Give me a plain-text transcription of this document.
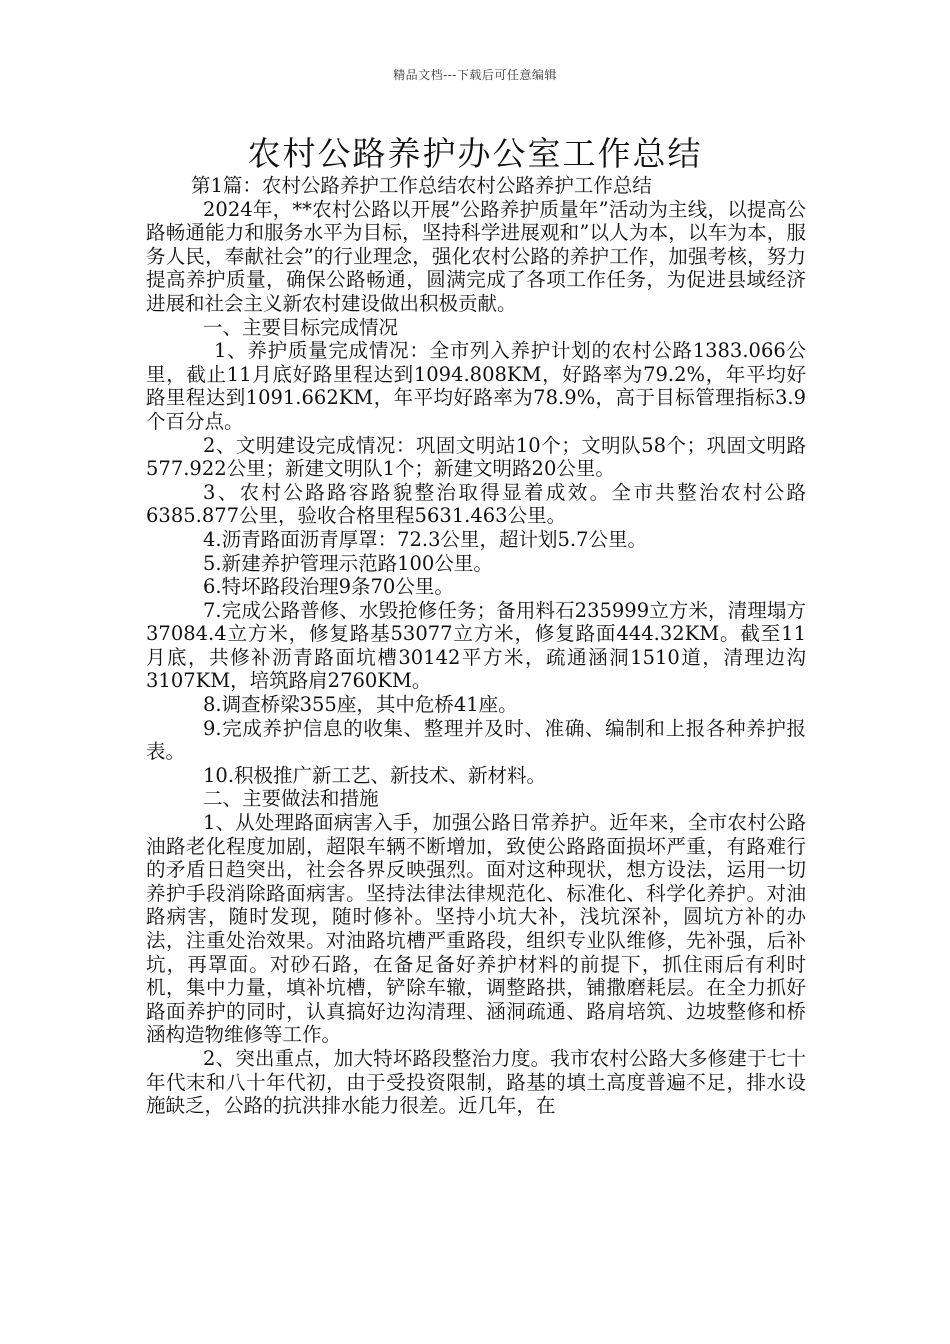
精品文档---下载后可任意编辑
农村公路养护办公室工作总结

第1篇：农村公路养护工作总结农村公路养护工作总结

2024年，**农村公路以开展”公路养护质量年”活动为主线，以提高公路畅通能力和服务水平为目标，坚持科学进展观和”以人为本，以车为本，服务人民，奉献社会”的行业理念，强化农村公路的养护工作，加强考核，努力提高养护质量，确保公路畅通，圆满完成了各项工作任务，为促进县域经济进展和社会主义新农村建设做出积极贡献。

一、主要目标完成情况

1、养护质量完成情况：全市列入养护计划的农村公路1383.066公里，截止11月底好路里程达到1094.808KM，好路率为79.2%，年平均好路里程达到1091.662KM，年平均好路率为78.9%，高于目标管理指标3.9个百分点。

2、文明建设完成情况：巩固文明站10个；文明队58个；巩固文明路577.922公里；新建文明队1个；新建文明路20公里。

3、农村公路路容路貌整治取得显着成效。全市共整治农村公路6385.877公里，验收合格里程5631.463公里。

4.沥青路面沥青厚罩：72.3公里，超计划5.7公里。

5.新建养护管理示范路100公里。

6.特坏路段治理9条70公里。

7.完成公路普修、水毁抢修任务；备用料石235999立方米，清理塌方37084.4立方米，修复路基53077立方米，修复路面444.32KM。截至11月底，共修补沥青路面坑槽30142平方米，疏通涵洞1510道，清理边沟3107KM，培筑路肩2760KM。

8.调查桥梁355座，其中危桥41座。

9.完成养护信息的收集、整理并及时、准确、编制和上报各种养护报表。

10.积极推广新工艺、新技术、新材料。

二、主要做法和措施

1、从处理路面病害入手，加强公路日常养护。近年来，全市农村公路油路老化程度加剧，超限车辆不断增加，致使公路路面损坏严重，有路难行的矛盾日趋突出，社会各界反映强烈。面对这种现状，想方设法，运用一切养护手段消除路面病害。坚持法律法律规范化、标准化、科学化养护。对油路病害，随时发现，随时修补。坚持小坑大补，浅坑深补，圆坑方补的办法，注重处治效果。对油路坑槽严重路段，组织专业队维修，先补强，后补坑，再罩面。对砂石路，在备足备好养护材料的前提下，抓住雨后有利时机，集中力量，填补坑槽，铲除车辙，调整路拱，铺撒磨耗层。在全力抓好路面养护的同时，认真搞好边沟清理、涵洞疏通、路肩培筑、边坡整修和桥涵构造物维修等工作。

2、突出重点，加大特坏路段整治力度。我市农村公路大多修建于七十年代末和八十年代初，由于受投资限制，路基的填土高度普遍不足，排水设施缺乏，公路的抗洪排水能力很差。近几年，在
